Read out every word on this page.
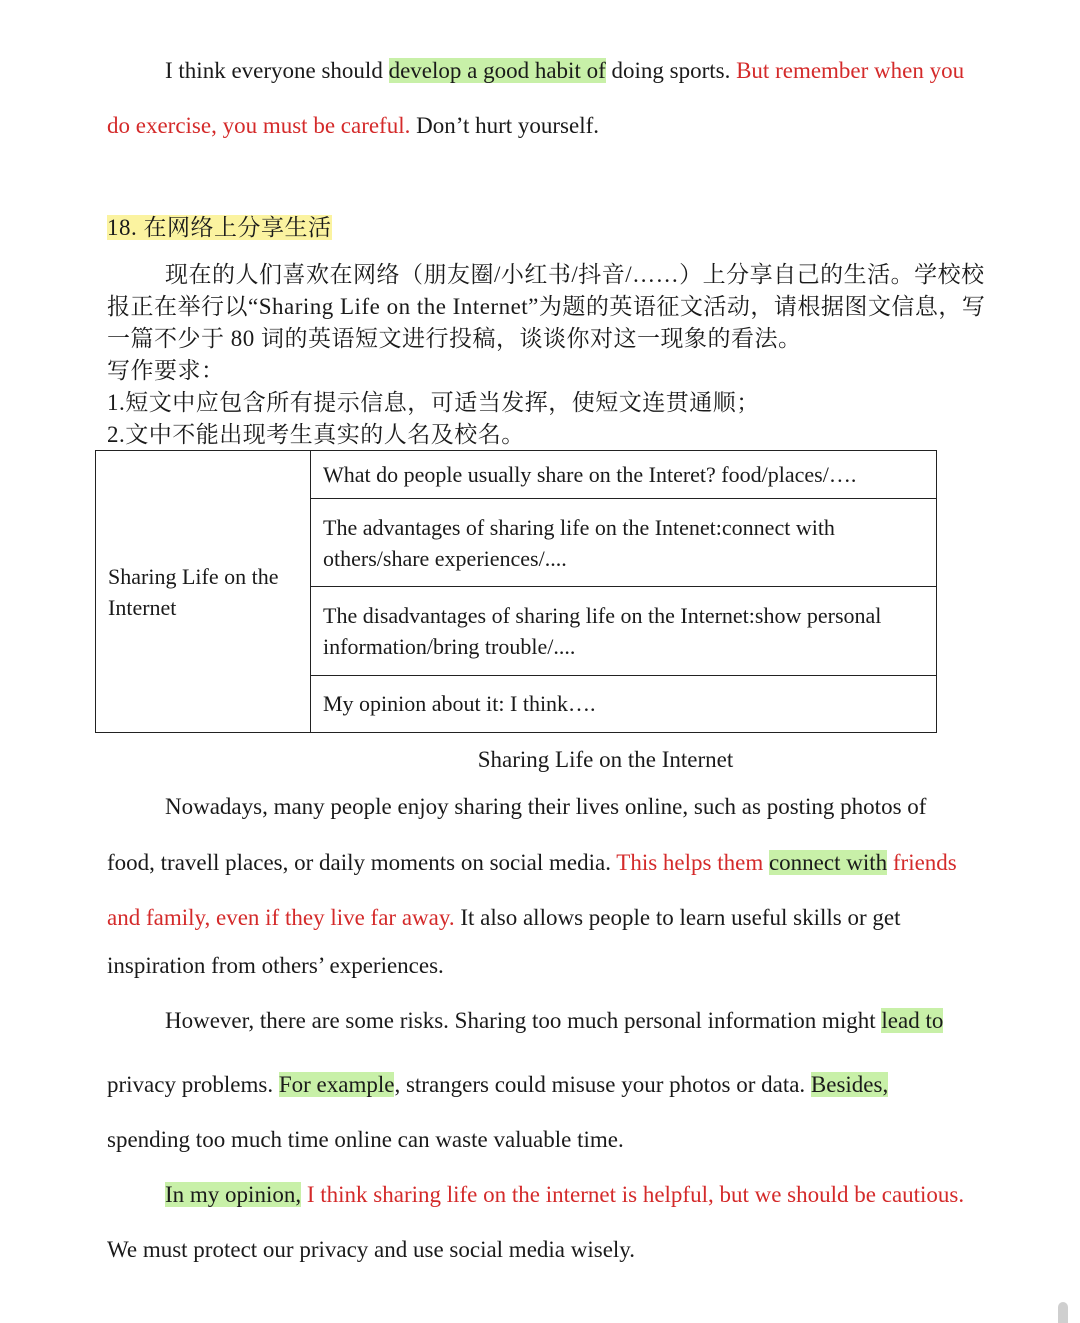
I think everyone should develop a good habit of doing sports. But remember when you
do exercise, you must be careful. Don’t hurt yourself.
18. 在网络上分享生活
现在的人们喜欢在网络（朋友圈/小红书/抖音/……）上分享自己的生活。学校校
报正在举行以“Sharing Life on the Internet”为题的英语征文活动，请根据图文信息，写
一篇不少于 80 词的英语短文进行投稿，谈谈你对这一现象的看法。
写作要求：
1.短文中应包含所有提示信息，可适当发挥，使短文连贯通顺；
2.文中不能出现考生真实的人名及校名。
Sharing Life on the Internet	What do people usually share on the Interet? food/places/….
The advantages of sharing life on the Intenet:connect with others/share experiences/....
The disadvantages of sharing life on the Internet:show personal information/bring trouble/....
My opinion about it: I think….
Sharing Life on the Internet
Nowadays, many people enjoy sharing their lives online, such as posting photos of
food, travell places, or daily moments on social media. This helps them connect with friends
and family, even if they live far away. It also allows people to learn useful skills or get
inspiration from others’ experiences.
However, there are some risks. Sharing too much personal information might lead to
privacy problems. For example, strangers could misuse your photos or data. Besides,
spending too much time online can waste valuable time.
In my opinion, I think sharing life on the internet is helpful, but we should be cautious.
We must protect our privacy and use social media wisely.
